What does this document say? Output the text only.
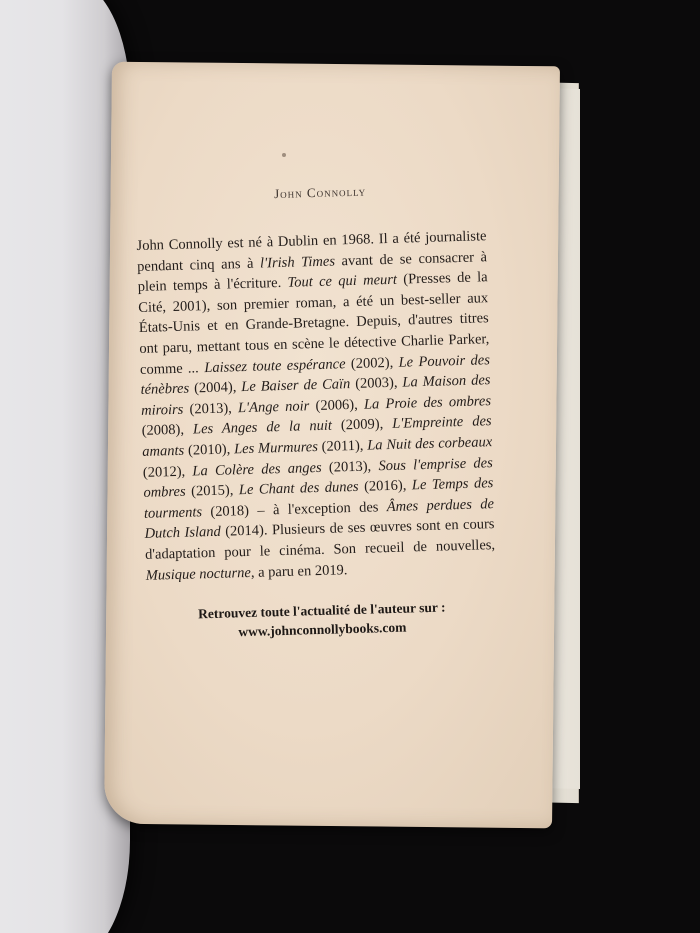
John Connolly

John Connolly est né à Dublin en 1968. Il a été journaliste pendant cinq ans à l'Irish Times avant de se consacrer à plein temps à l'écriture. Tout ce qui meurt (Presses de la Cité, 2001), son premier roman, a été un best-seller aux États-Unis et en Grande-Bretagne. Depuis, d'autres titres ont paru, mettant tous en scène le détective Charlie Parker, comme ... Laissez toute espérance (2002), Le Pouvoir des ténèbres (2004), Le Baiser de Caïn (2003), La Maison des miroirs (2013), L'Ange noir (2006), La Proie des ombres (2008), Les Anges de la nuit (2009), L'Empreinte des amants (2010), Les Murmures (2011), La Nuit des corbeaux (2012), La Colère des anges (2013), Sous l'emprise des ombres (2015), Le Chant des dunes (2016), Le Temps des tourments (2018) – à l'exception des Âmes perdues de Dutch Island (2014). Plusieurs de ses œuvres sont en cours d'adaptation pour le cinéma. Son recueil de nouvelles, Musique nocturne, a paru en 2019.

Retrouvez toute l'actualité de l'auteur sur :
www.johnconnollybooks.com
